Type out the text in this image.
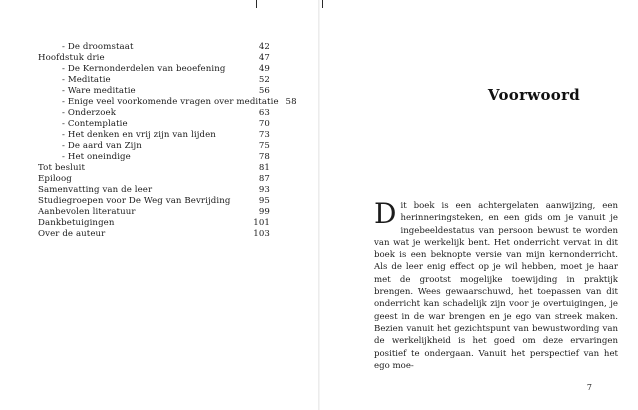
- De droomstaat	42
Hoofdstuk drie	47
- De Kernonderdelen van beoefening	49
- Meditatie	52
- Ware meditatie	56
- Enige veel voorkomende vragen over meditatie 58
- Onderzoek	63
- Contemplatie	70
- Het denken en vrij zijn van lijden	73
- De aard van Zijn	75
- Het oneindige	78
Tot besluit	81
Epiloog	87
Samenvatting van de leer	93
Studiegroepen voor De Weg van Bevrijding	95
Aanbevolen literatuur	99
Dankbetuigingen	101
Over de auteur	103
Voorwoord
Dit boek is een achtergelaten aanwijzing, een herinneringsteken, en een gids om je vanuit je ingebeeldestatus van persoon bewust te worden van wat je werkelijk bent. Het onderricht vervat in dit boek is een beknopte versie van mijn kernonderricht. Als de leer enig effect op je wil hebben, moet je haar met de grootst mogelijke toewijding in praktijk brengen. Wees gewaarschuwd, het toepassen van dit onderricht kan schadelijk zijn voor je overtuigingen, je geest in de war brengen en je ego van streek maken. Bezien vanuit het gezichtspunt van bewustwording van de werkelijkheid is het goed om deze ervaringen positief te ondergaan. Vanuit het perspectief van het ego moe-
7
